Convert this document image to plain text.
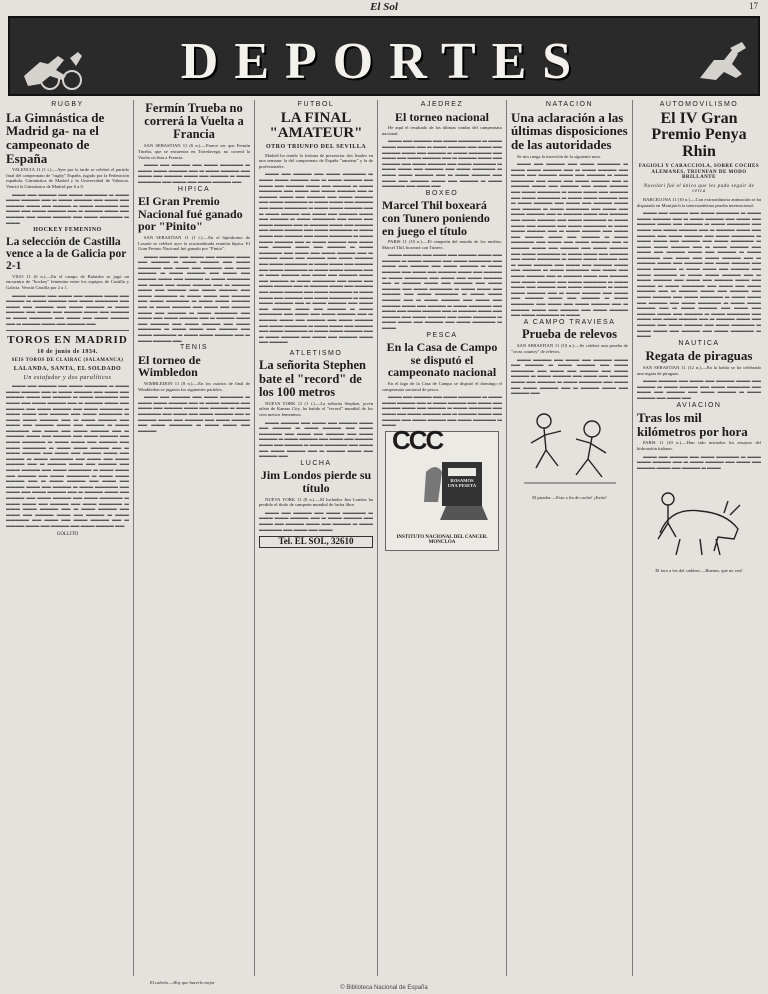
El Sol	17
DEPORTES
RUGBY
La Gimnástica de Madrid ga- na el campeonato de España

VALENCIA 11 (1 t.).—Ayer por la tarde se celebró el partido final del campeonato de "rugby" España, jugado por la Federación española, Gimnástica de Madrid y la Universidad de Valencia. Venció la Gimnástica de Madrid por 6 a 0.

▬▬▬ ▬▬ ▬▬▬▬ ▬▬ ▬▬▬ ▬▬▬▬▬ ▬ ▬▬▬ ▬▬▬ ▬▬▬▬ ▬▬ ▬ ▬▬▬ ▬▬▬▬ ▬▬ ▬▬▬ ▬▬ ▬▬▬▬ ▬▬▬ ▬▬ ▬▬▬▬ ▬ ▬▬▬ ▬▬▬▬▬ ▬▬ ▬▬▬ ▬▬ ▬▬▬ ▬▬▬▬ ▬▬ ▬ ▬▬▬▬ ▬▬▬ ▬▬ ▬▬▬▬ ▬▬ ▬▬▬ ▬▬▬▬ ▬▬ ▬▬▬ ▬▬▬▬▬ ▬ ▬▬▬

HOCKEY FEMENINO
La selección de Castilla vence a la de Galicia por 2-1

VIGO 11 (6 n.).—En el campo de Balaidos se jugó un encuentro de "hockey" femenino entre los equipos de Castilla y Galicia. Venció Castilla por 2 a 1.

▬▬▬ ▬▬▬▬ ▬▬ ▬▬▬ ▬▬ ▬▬▬▬ ▬▬▬ ▬▬ ▬▬▬▬ ▬ ▬▬▬ ▬▬▬▬ ▬▬ ▬▬▬ ▬▬▬▬▬ ▬▬ ▬▬▬ ▬▬ ▬▬▬▬ ▬▬ ▬▬▬ ▬▬▬▬ ▬ ▬▬▬ ▬▬▬▬ ▬▬ ▬▬▬ ▬▬ ▬▬▬▬ ▬▬▬ ▬▬ ▬▬▬▬ ▬ ▬▬▬ ▬▬▬▬▬ ▬▬ ▬▬▬ ▬▬ ▬▬▬ ▬▬▬▬ ▬▬ ▬ ▬▬▬▬ ▬▬▬ ▬▬ ▬▬▬▬ ▬▬

TOROS EN MADRID
10 de junio de 1934.
SEIS TOROS DE CLAIRAC (SALAMANCA)
LALANDA, SANTA, EL SOLDADO
Un estafador y dos paralíticos

▬▬▬ ▬▬ ▬▬▬▬ ▬▬ ▬▬▬ ▬▬▬▬▬ ▬ ▬▬▬ ▬▬▬ ▬▬▬▬ ▬▬ ▬ ▬▬▬ ▬▬▬▬ ▬▬ ▬▬▬ ▬▬ ▬▬▬▬ ▬▬▬ ▬▬ ▬▬▬▬ ▬ ▬▬▬ ▬▬▬▬▬ ▬▬ ▬▬▬ ▬▬ ▬▬▬ ▬▬▬▬ ▬▬ ▬ ▬▬▬▬ ▬▬▬ ▬▬ ▬▬▬▬ ▬▬ ▬▬▬ ▬▬▬▬ ▬▬ ▬▬▬ ▬▬▬▬▬ ▬ ▬▬▬ ▬▬▬ ▬▬ ▬▬▬▬ ▬▬ ▬▬▬ ▬▬▬▬▬ ▬ ▬▬▬ ▬▬▬ ▬▬▬▬ ▬▬ ▬ ▬▬▬ ▬▬▬▬ ▬▬ ▬▬▬ ▬▬ ▬▬▬▬ ▬▬▬ ▬▬ ▬▬▬▬ ▬ ▬▬▬ ▬▬▬▬▬ ▬▬ ▬▬▬ ▬▬ ▬▬▬ ▬▬▬▬ ▬▬ ▬ ▬▬▬▬ ▬▬▬ ▬▬ ▬▬▬▬ ▬▬ ▬▬▬ ▬▬▬▬ ▬▬ ▬▬▬ ▬▬▬▬▬ ▬ ▬▬▬ ▬▬▬ ▬▬ ▬▬▬▬ ▬▬ ▬▬▬ ▬▬▬▬▬ ▬ ▬▬▬ ▬▬▬ ▬▬▬▬ ▬▬ ▬ ▬▬▬ ▬▬▬▬ ▬▬ ▬▬▬ ▬▬ ▬▬▬▬ ▬▬▬ ▬▬ ▬▬▬▬ ▬ ▬▬▬ ▬▬▬▬▬ ▬▬ ▬▬▬ ▬▬ ▬▬▬ ▬▬▬▬ ▬▬ ▬ ▬▬▬▬ ▬▬▬ ▬▬ ▬▬▬▬ ▬▬ ▬▬▬ ▬▬▬▬ ▬▬ ▬▬▬ ▬▬▬▬▬ ▬ ▬▬▬ ▬▬▬ ▬▬ ▬▬▬▬ ▬▬ ▬▬▬ ▬▬▬▬▬ ▬ ▬▬▬ ▬▬▬ ▬▬▬▬ ▬▬ ▬ ▬▬▬ ▬▬▬▬ ▬▬ ▬▬▬ ▬▬ ▬▬▬▬ ▬▬▬ ▬▬ ▬▬▬▬ ▬ ▬▬▬ ▬▬▬▬▬ ▬▬ ▬▬▬ ▬▬ ▬▬▬ ▬▬▬▬ ▬▬ ▬ ▬▬▬▬ ▬▬▬ ▬▬ ▬▬▬▬ ▬▬ ▬▬▬ ▬▬▬▬ ▬▬ ▬▬▬ ▬▬▬▬▬ ▬ ▬▬▬ ▬▬▬ ▬▬ ▬▬▬▬ ▬▬ ▬▬▬ ▬▬▬▬▬ ▬ ▬▬▬ ▬▬▬ ▬▬▬▬ ▬▬ ▬ ▬▬▬ ▬▬▬▬ ▬▬ ▬▬▬ ▬▬ ▬▬▬▬ ▬▬▬ ▬▬ ▬▬▬▬ ▬ ▬▬▬ ▬▬▬▬▬ ▬▬ ▬▬▬ ▬▬ ▬▬▬ ▬▬▬▬ ▬▬ ▬ ▬▬▬▬ ▬▬▬ ▬▬ ▬▬▬▬ ▬▬ ▬▬▬ ▬▬▬▬ ▬▬

GOLLITO
Fermín Trueba no correrá la Vuelta a Francia

SAN SEBASTIAN 11 (6 n.).—Parece ser que Fermín Trueba, que se encuentra en Torrelavega, no correrá la Vuelta ciclista a Francia.

▬▬▬ ▬▬ ▬▬▬▬ ▬▬ ▬▬▬ ▬▬▬▬▬ ▬ ▬▬▬ ▬▬▬ ▬▬▬▬ ▬▬ ▬ ▬▬▬ ▬▬▬▬ ▬▬ ▬▬▬ ▬▬ ▬▬▬▬ ▬▬▬ ▬▬ ▬▬▬▬ ▬ ▬▬▬ ▬▬▬▬▬ ▬▬ ▬▬▬ ▬▬ ▬▬▬ ▬▬▬▬ ▬▬

HIPICA
El Gran Premio Nacional fué ganado por "Pinito"

SAN SEBASTIAN 11 (1 t.).—En el hipódromo de Lasarte se celebró ayer la acostumbrada reunión hípica. El Gran Premio Nacional fué ganado por "Pinito".

▬▬▬ ▬▬▬▬ ▬▬ ▬▬▬ ▬▬ ▬▬▬▬ ▬▬▬ ▬▬ ▬▬▬▬ ▬ ▬▬▬ ▬▬▬▬ ▬▬ ▬▬▬ ▬▬▬▬▬ ▬▬ ▬▬▬ ▬▬ ▬▬▬▬ ▬▬ ▬▬▬ ▬▬▬▬ ▬ ▬▬▬ ▬▬▬▬ ▬▬ ▬▬▬ ▬▬ ▬▬▬▬ ▬▬▬ ▬▬ ▬▬▬▬ ▬ ▬▬▬ ▬▬▬▬▬ ▬▬ ▬▬▬ ▬▬ ▬▬▬ ▬▬▬▬ ▬▬ ▬ ▬▬▬▬ ▬▬▬ ▬▬ ▬▬▬▬ ▬▬ ▬▬▬ ▬▬▬▬ ▬▬ ▬▬▬ ▬▬▬▬▬ ▬ ▬▬▬ ▬▬▬ ▬▬ ▬▬▬▬ ▬▬ ▬▬▬ ▬▬▬▬▬ ▬ ▬▬▬ ▬▬▬ ▬▬▬▬ ▬▬ ▬ ▬▬▬ ▬▬▬▬ ▬▬ ▬▬▬ ▬▬ ▬▬▬▬ ▬▬▬ ▬▬ ▬▬▬▬ ▬ ▬▬▬ ▬▬▬▬▬ ▬▬ ▬▬▬ ▬▬ ▬▬▬ ▬▬▬▬ ▬▬ ▬ ▬▬▬▬ ▬▬▬ ▬▬ ▬▬▬▬ ▬▬ ▬▬▬ ▬▬▬▬ ▬▬ ▬▬▬ ▬▬▬▬▬ ▬ ▬▬▬ ▬▬▬ ▬▬ ▬▬▬▬ ▬▬ ▬▬▬ ▬▬▬▬▬ ▬ ▬▬▬ ▬▬▬ ▬▬▬▬ ▬▬ ▬ ▬▬▬ ▬▬▬▬ ▬▬

TENIS
El torneo de Wimbledon

WIMBLEDON 11 (8 n.).—En los cuartos de final de Wimbledon se jugaron los siguientes partidos.

▬▬▬ ▬▬ ▬▬▬▬ ▬▬ ▬▬▬ ▬▬▬▬▬ ▬ ▬▬▬ ▬▬▬ ▬▬▬▬ ▬▬ ▬ ▬▬▬ ▬▬▬▬ ▬▬ ▬▬▬ ▬▬ ▬▬▬▬ ▬▬▬ ▬▬ ▬▬▬▬ ▬ ▬▬▬ ▬▬▬▬▬ ▬▬ ▬▬▬ ▬▬ ▬▬▬ ▬▬▬▬ ▬▬ ▬ ▬▬▬▬ ▬▬▬ ▬▬ ▬▬▬▬ ▬▬ ▬▬▬ ▬▬▬▬ ▬▬ ▬▬▬ ▬▬▬▬▬ ▬ ▬▬▬ ▬▬▬ ▬▬ ▬▬▬▬

FUTBOL
LA FINAL "AMATEUR"
OTRO TRIUNFO DEL SEVILLA

Madrid ha tenido la fortuna de presenciar dos finales en una semana: la del campeonato de España "amateur" y la de profesionales.

▬▬▬ ▬▬ ▬▬▬▬ ▬▬ ▬▬▬ ▬▬▬▬▬ ▬ ▬▬▬ ▬▬▬ ▬▬▬▬ ▬▬ ▬ ▬▬▬ ▬▬▬▬ ▬▬ ▬▬▬ ▬▬ ▬▬▬▬ ▬▬▬ ▬▬ ▬▬▬▬ ▬ ▬▬▬ ▬▬▬▬▬ ▬▬ ▬▬▬ ▬▬ ▬▬▬ ▬▬▬▬ ▬▬ ▬ ▬▬▬▬ ▬▬▬ ▬▬ ▬▬▬▬ ▬▬ ▬▬▬ ▬▬▬▬ ▬▬ ▬▬▬ ▬▬▬▬▬ ▬ ▬▬▬ ▬▬▬ ▬▬ ▬▬▬▬ ▬▬ ▬▬▬ ▬▬▬▬▬ ▬ ▬▬▬ ▬▬▬ ▬▬▬▬ ▬▬ ▬ ▬▬▬ ▬▬▬▬ ▬▬ ▬▬▬ ▬▬ ▬▬▬▬ ▬▬▬ ▬▬ ▬▬▬▬ ▬ ▬▬▬ ▬▬▬▬▬ ▬▬ ▬▬▬ ▬▬ ▬▬▬ ▬▬▬▬ ▬▬ ▬ ▬▬▬▬ ▬▬▬ ▬▬ ▬▬▬▬ ▬▬ ▬▬▬ ▬▬▬▬ ▬▬ ▬▬▬ ▬▬▬▬▬ ▬ ▬▬▬ ▬▬▬ ▬▬ ▬▬▬▬ ▬▬ ▬▬▬ ▬▬▬▬▬ ▬ ▬▬▬ ▬▬▬ ▬▬▬▬ ▬▬ ▬ ▬▬▬ ▬▬▬▬ ▬▬ ▬▬▬ ▬▬ ▬▬▬▬ ▬▬▬ ▬▬ ▬▬▬▬ ▬ ▬▬▬ ▬▬▬▬▬ ▬▬ ▬▬▬ ▬▬ ▬▬▬ ▬▬▬▬ ▬▬ ▬ ▬▬▬▬ ▬▬▬ ▬▬ ▬▬▬▬ ▬▬ ▬▬▬ ▬▬▬▬ ▬▬ ▬▬▬ ▬▬▬▬▬ ▬ ▬▬▬ ▬▬▬ ▬▬ ▬▬▬▬ ▬▬ ▬▬▬ ▬▬▬▬▬ ▬ ▬▬▬ ▬▬▬ ▬▬▬▬ ▬▬ ▬ ▬▬▬ ▬▬▬▬ ▬▬ ▬▬▬ ▬▬ ▬▬▬▬ ▬▬▬ ▬▬ ▬▬▬▬ ▬ ▬▬▬ ▬▬▬▬▬ ▬▬ ▬▬▬ ▬▬ ▬▬▬ ▬▬▬▬ ▬▬ ▬ ▬▬▬▬ ▬▬▬ ▬▬ ▬▬▬▬ ▬▬ ▬▬▬ ▬▬▬▬ ▬▬ ▬▬▬ ▬▬▬▬▬ ▬ ▬▬▬ ▬▬▬ ▬▬ ▬▬▬▬ ▬▬ ▬▬▬ ▬▬▬▬▬ ▬ ▬▬▬ ▬▬▬ ▬▬▬▬ ▬▬ ▬ ▬▬▬ ▬▬▬▬ ▬▬ ▬▬▬ ▬▬ ▬▬▬▬ ▬▬▬ ▬▬ ▬▬▬▬ ▬ ▬▬▬ ▬▬▬▬▬ ▬▬ ▬▬▬ ▬▬ ▬▬▬ ▬▬▬▬ ▬▬ ▬ ▬▬▬▬ ▬▬▬ ▬▬ ▬▬▬▬ ▬▬ ▬▬▬ ▬▬▬▬ ▬▬ ▬▬▬ ▬▬▬▬▬ ▬ ▬▬▬ ▬▬▬ ▬▬ ▬▬▬▬ ▬▬ ▬▬▬ ▬▬▬▬▬ ▬ ▬▬▬ ▬▬▬ ▬▬▬▬ ▬▬ ▬ ▬▬▬ ▬▬▬▬ ▬▬ ▬▬▬ ▬▬ ▬▬▬▬ ▬▬▬ ▬▬ ▬▬▬▬

ATLETISMO
La señorita Stephen bate el "record" de los 100 metros

NUEVA YORK 11 (1 t.).—La señorita Stephen, joven atleta de Kansas City, ha batido el "record" mundial de los cien metros femeninos.

▬▬▬ ▬▬▬▬ ▬▬ ▬▬▬ ▬▬ ▬▬▬▬ ▬▬▬ ▬▬ ▬▬▬▬ ▬ ▬▬▬ ▬▬▬▬ ▬▬ ▬▬▬ ▬▬▬▬▬ ▬▬ ▬▬▬ ▬▬ ▬▬▬▬ ▬▬ ▬▬▬ ▬▬▬▬ ▬ ▬▬▬ ▬▬▬▬ ▬▬ ▬▬▬ ▬▬ ▬▬▬▬ ▬▬▬ ▬▬ ▬▬▬▬ ▬ ▬▬▬ ▬▬▬▬▬ ▬▬ ▬▬▬ ▬▬ ▬▬▬ ▬▬▬▬ ▬▬ ▬ ▬▬▬▬ ▬▬▬ ▬▬ ▬▬▬▬ ▬▬

LUCHA
Jim Londos pierde su título

NUEVA YORK 11 (8 n.).—El luchador Jim Londos ha perdido el título de campeón mundial de lucha libre.

▬▬▬ ▬▬ ▬▬▬▬ ▬▬ ▬▬▬ ▬▬▬▬▬ ▬ ▬▬▬ ▬▬▬ ▬▬▬▬ ▬▬ ▬ ▬▬▬ ▬▬▬▬ ▬▬ ▬▬▬ ▬▬ ▬▬▬▬ ▬▬▬ ▬▬ ▬▬▬▬ ▬ ▬▬▬ ▬▬▬▬▬ ▬▬ ▬▬▬ ▬▬ ▬▬▬

Tel. EL SOL, 32610
AJEDREZ
El torneo nacional

He aquí el resultado de las últimas rondas del campeonato nacional.

▬▬▬ ▬▬ ▬▬▬▬ ▬▬ ▬▬▬ ▬▬▬▬▬ ▬ ▬▬▬ ▬▬▬ ▬▬▬▬ ▬▬ ▬ ▬▬▬ ▬▬▬▬ ▬▬ ▬▬▬ ▬▬ ▬▬▬▬ ▬▬▬ ▬▬ ▬▬▬▬ ▬ ▬▬▬ ▬▬▬▬▬ ▬▬ ▬▬▬ ▬▬ ▬▬▬ ▬▬▬▬ ▬▬ ▬ ▬▬▬▬ ▬▬▬ ▬▬ ▬▬▬▬ ▬▬ ▬▬▬ ▬▬▬▬ ▬▬ ▬▬▬ ▬▬▬▬▬ ▬ ▬▬▬ ▬▬▬ ▬▬ ▬▬▬▬ ▬▬ ▬▬▬ ▬▬▬▬▬ ▬ ▬▬▬ ▬▬▬ ▬▬▬▬ ▬▬ ▬ ▬▬▬ ▬▬▬▬ ▬▬ ▬▬▬ ▬▬ ▬▬▬▬ ▬▬▬ ▬▬ ▬▬▬▬ ▬ ▬▬▬ ▬▬▬▬▬ ▬▬ ▬▬▬ ▬▬

BOXEO
Marcel Thil boxeará con Tunero poniendo en juego el título

PARIS 11 (10 n.).—El campeón del mundo de los medios, Marcel Thil, boxeará con Tunero.

▬▬▬ ▬▬▬▬ ▬▬ ▬▬▬ ▬▬ ▬▬▬▬ ▬▬▬ ▬▬ ▬▬▬▬ ▬ ▬▬▬ ▬▬▬▬ ▬▬ ▬▬▬ ▬▬▬▬▬ ▬▬ ▬▬▬ ▬▬ ▬▬▬▬ ▬▬ ▬▬▬ ▬▬▬▬ ▬ ▬▬▬ ▬▬▬▬ ▬▬ ▬▬▬ ▬▬ ▬▬▬▬ ▬▬▬ ▬▬ ▬▬▬▬ ▬ ▬▬▬ ▬▬▬▬▬ ▬▬ ▬▬▬ ▬▬ ▬▬▬ ▬▬▬▬ ▬▬ ▬ ▬▬▬▬ ▬▬▬ ▬▬ ▬▬▬▬ ▬▬ ▬▬▬ ▬▬▬▬ ▬▬ ▬▬▬ ▬▬▬▬▬ ▬ ▬▬▬ ▬▬▬ ▬▬ ▬▬▬▬ ▬▬ ▬▬▬ ▬▬▬▬▬ ▬ ▬▬▬ ▬▬▬ ▬▬▬▬ ▬▬ ▬ ▬▬▬ ▬▬▬▬ ▬▬ ▬▬▬ ▬▬ ▬▬▬▬ ▬▬▬ ▬▬ ▬▬▬▬ ▬ ▬▬▬ ▬▬▬▬▬ ▬▬ ▬▬▬ ▬▬ ▬▬▬ ▬▬▬▬ ▬▬ ▬ ▬▬▬▬ ▬▬▬ ▬▬ ▬▬▬▬ ▬▬ ▬▬▬ ▬▬▬▬ ▬▬ ▬▬▬ ▬▬▬▬▬ ▬ ▬▬▬ ▬▬▬ ▬▬ ▬▬▬▬ ▬▬ ▬▬▬ ▬▬▬▬▬ ▬ ▬▬▬

PESCA
En la Casa de Campo se disputó el campeonato nacional

En el lago de la Casa de Campo se disputó el domingo el campeonato nacional de pesca.

▬▬▬ ▬▬ ▬▬▬▬ ▬▬ ▬▬▬ ▬▬▬▬▬ ▬ ▬▬▬ ▬▬▬ ▬▬▬▬ ▬▬ ▬ ▬▬▬ ▬▬▬▬ ▬▬ ▬▬▬ ▬▬ ▬▬▬▬ ▬▬▬ ▬▬ ▬▬▬▬ ▬ ▬▬▬ ▬▬▬▬▬ ▬▬ ▬▬▬ ▬▬ ▬▬▬ ▬▬▬▬ ▬▬ ▬ ▬▬▬▬ ▬▬▬ ▬▬ ▬▬▬▬ ▬▬ ▬▬▬ ▬▬▬▬ ▬▬ ▬▬▬ ▬▬▬▬▬ ▬ ▬▬▬

CCC
ROSAMOS
UNA PESETA
INSTITUTO NACIONAL DEL CANCER. MONCLOA
NATACION
Una aclaración a las últimas disposiciones de las autoridades

Se nos ruega la inserción de la siguiente nota.

▬▬▬ ▬▬ ▬▬▬▬ ▬▬ ▬▬▬ ▬▬▬▬▬ ▬ ▬▬▬ ▬▬▬ ▬▬▬▬ ▬▬ ▬ ▬▬▬ ▬▬▬▬ ▬▬ ▬▬▬ ▬▬ ▬▬▬▬ ▬▬▬ ▬▬ ▬▬▬▬ ▬ ▬▬▬ ▬▬▬▬▬ ▬▬ ▬▬▬ ▬▬ ▬▬▬ ▬▬▬▬ ▬▬ ▬ ▬▬▬▬ ▬▬▬ ▬▬ ▬▬▬▬ ▬▬ ▬▬▬ ▬▬▬▬ ▬▬ ▬▬▬ ▬▬▬▬▬ ▬ ▬▬▬ ▬▬▬ ▬▬ ▬▬▬▬ ▬▬ ▬▬▬ ▬▬▬▬▬ ▬ ▬▬▬ ▬▬▬ ▬▬▬▬ ▬▬ ▬ ▬▬▬ ▬▬▬▬ ▬▬ ▬▬▬ ▬▬ ▬▬▬▬ ▬▬▬ ▬▬ ▬▬▬▬ ▬ ▬▬▬ ▬▬▬▬▬ ▬▬ ▬▬▬ ▬▬ ▬▬▬ ▬▬▬▬ ▬▬ ▬ ▬▬▬▬ ▬▬▬ ▬▬ ▬▬▬▬ ▬▬ ▬▬▬ ▬▬▬▬ ▬▬ ▬▬▬ ▬▬▬▬▬ ▬ ▬▬▬ ▬▬▬ ▬▬ ▬▬▬▬ ▬▬ ▬▬▬ ▬▬▬▬▬ ▬ ▬▬▬ ▬▬▬ ▬▬▬▬ ▬▬ ▬ ▬▬▬ ▬▬▬▬ ▬▬ ▬▬▬ ▬▬ ▬▬▬▬ ▬▬▬ ▬▬ ▬▬▬▬ ▬ ▬▬▬ ▬▬▬▬▬ ▬▬ ▬▬▬ ▬▬ ▬▬▬ ▬▬▬▬ ▬▬ ▬ ▬▬▬▬ ▬▬▬ ▬▬ ▬▬▬▬ ▬▬ ▬▬▬ ▬▬▬▬ ▬▬ ▬▬▬ ▬▬▬▬▬ ▬ ▬▬▬ ▬▬▬ ▬▬ ▬▬▬▬ ▬▬ ▬▬▬ ▬▬▬▬▬ ▬ ▬▬▬ ▬▬▬ ▬▬▬▬ ▬▬ ▬ ▬▬▬ ▬▬▬▬ ▬▬ ▬▬▬ ▬▬ ▬▬▬▬ ▬▬▬ ▬▬ ▬▬▬▬ ▬ ▬▬▬ ▬▬▬▬▬ ▬▬ ▬▬▬ ▬▬ ▬▬▬ ▬▬▬▬ ▬▬ ▬ ▬▬▬▬ ▬▬▬ ▬▬ ▬▬▬▬ ▬▬ ▬▬▬ ▬▬▬▬ ▬▬ ▬▬▬ ▬▬▬▬▬ ▬ ▬▬▬ ▬▬▬ ▬▬ ▬▬▬▬ ▬▬ ▬▬▬ ▬▬▬▬▬ ▬ ▬▬▬ ▬▬▬ ▬▬▬▬ ▬▬ ▬ ▬▬▬ ▬▬▬▬ ▬▬ ▬▬▬ ▬▬ ▬▬▬▬ ▬▬▬ ▬▬ ▬▬▬▬ ▬ ▬▬▬ ▬▬▬▬▬ ▬▬ ▬▬▬ ▬▬ ▬▬▬ ▬▬▬▬ ▬▬ ▬ ▬▬▬▬ ▬▬▬ ▬▬ ▬▬▬▬ ▬▬ ▬▬▬ ▬▬▬▬ ▬▬ ▬▬▬ ▬▬▬▬▬ ▬ ▬▬▬

A CAMPO TRAVIESA
Prueba de relevos

SAN SEBASTIAN 11 (10 n.).—Se celebró una prueba de "cross country" de relevos.

▬▬▬ ▬▬▬▬ ▬▬ ▬▬▬ ▬▬ ▬▬▬▬ ▬▬▬ ▬▬ ▬▬▬▬ ▬ ▬▬▬ ▬▬▬▬ ▬▬ ▬▬▬ ▬▬▬▬▬ ▬▬ ▬▬▬ ▬▬ ▬▬▬▬ ▬▬ ▬▬▬ ▬▬▬▬ ▬ ▬▬▬ ▬▬▬▬ ▬▬ ▬▬▬ ▬▬ ▬▬▬▬ ▬▬▬ ▬▬ ▬▬▬▬ ▬ ▬▬▬ ▬▬▬▬▬ ▬▬ ▬▬▬ ▬▬ ▬▬▬ ▬▬▬▬ ▬▬ ▬ ▬▬▬▬ ▬▬▬ ▬▬ ▬▬▬▬ ▬▬

El pirador.—Esto a fin de cacho! ¡Exito!
AUTOMOVILISMO
El IV Gran Premio Penya Rhin
FAGIOLI Y CARACCIOLA, SOBRE COCHES ALEMANES, TRIUNFAN DE MODO BRILLANTE
Nuvolari fué el único que les pudo seguir de cerca

BARCELONA 11 (10 n.).—Con extraordinaria animación se ha disputado en Montjuich la interesantísima prueba internacional.

▬▬▬ ▬▬ ▬▬▬▬ ▬▬ ▬▬▬ ▬▬▬▬▬ ▬ ▬▬▬ ▬▬▬ ▬▬▬▬ ▬▬ ▬ ▬▬▬ ▬▬▬▬ ▬▬ ▬▬▬ ▬▬ ▬▬▬▬ ▬▬▬ ▬▬ ▬▬▬▬ ▬ ▬▬▬ ▬▬▬▬▬ ▬▬ ▬▬▬ ▬▬ ▬▬▬ ▬▬▬▬ ▬▬ ▬ ▬▬▬▬ ▬▬▬ ▬▬ ▬▬▬▬ ▬▬ ▬▬▬ ▬▬▬▬ ▬▬ ▬▬▬ ▬▬▬▬▬ ▬ ▬▬▬ ▬▬▬ ▬▬ ▬▬▬▬ ▬▬ ▬▬▬ ▬▬▬▬▬ ▬ ▬▬▬ ▬▬▬ ▬▬▬▬ ▬▬ ▬ ▬▬▬ ▬▬▬▬ ▬▬ ▬▬▬ ▬▬ ▬▬▬▬ ▬▬▬ ▬▬ ▬▬▬▬ ▬ ▬▬▬ ▬▬▬▬▬ ▬▬ ▬▬▬ ▬▬ ▬▬▬ ▬▬▬▬ ▬▬ ▬ ▬▬▬▬ ▬▬▬ ▬▬ ▬▬▬▬ ▬▬ ▬▬▬ ▬▬▬▬ ▬▬ ▬▬▬ ▬▬▬▬▬ ▬ ▬▬▬ ▬▬▬ ▬▬ ▬▬▬▬ ▬▬ ▬▬▬ ▬▬▬▬▬ ▬ ▬▬▬ ▬▬▬ ▬▬▬▬ ▬▬ ▬ ▬▬▬ ▬▬▬▬ ▬▬ ▬▬▬ ▬▬ ▬▬▬▬ ▬▬▬ ▬▬ ▬▬▬▬ ▬ ▬▬▬ ▬▬▬▬▬ ▬▬ ▬▬▬ ▬▬ ▬▬▬ ▬▬▬▬ ▬▬ ▬ ▬▬▬▬ ▬▬▬ ▬▬ ▬▬▬▬ ▬▬ ▬▬▬ ▬▬▬▬ ▬▬ ▬▬▬ ▬▬▬▬▬ ▬ ▬▬▬ ▬▬▬ ▬▬ ▬▬▬▬ ▬▬ ▬▬▬ ▬▬▬▬▬ ▬ ▬▬▬ ▬▬▬ ▬▬▬▬ ▬▬ ▬ ▬▬▬ ▬▬▬▬ ▬▬ ▬▬▬ ▬▬ ▬▬▬▬ ▬▬▬ ▬▬ ▬▬▬▬ ▬ ▬▬▬ ▬▬▬▬▬ ▬▬ ▬▬▬ ▬▬ ▬▬▬ ▬▬▬▬ ▬▬ ▬ ▬▬▬▬ ▬▬▬ ▬▬ ▬▬▬▬ ▬▬ ▬▬▬ ▬▬▬▬ ▬▬ ▬▬▬ ▬▬▬▬▬ ▬ ▬▬▬ ▬▬▬ ▬▬ ▬▬▬▬ ▬▬ ▬▬▬ ▬▬▬▬▬ ▬ ▬▬▬

NAUTICA
Regata de piraguas

SAN SEBASTIAN 11 (12 n.).—En la bahía se ha celebrado una regata de piraguas.

▬▬▬ ▬▬▬▬ ▬▬ ▬▬▬ ▬▬ ▬▬▬▬ ▬▬▬ ▬▬ ▬▬▬▬ ▬ ▬▬▬ ▬▬▬▬ ▬▬ ▬▬▬ ▬▬▬▬▬ ▬▬ ▬▬▬ ▬▬ ▬▬▬▬ ▬▬ ▬▬▬ ▬▬▬▬ ▬ ▬▬▬ ▬▬▬▬ ▬▬ ▬▬▬ ▬▬

AVIACION
Tras los mil kilómetros por hora

PARIS 11 (10 n.).—Han sido iniciados los ensayos del hidroavión italiano.

▬▬▬ ▬▬ ▬▬▬▬ ▬▬ ▬▬▬ ▬▬▬▬▬ ▬ ▬▬▬ ▬▬▬ ▬▬▬▬ ▬▬ ▬ ▬▬▬ ▬▬▬▬ ▬▬ ▬▬▬ ▬▬ ▬▬▬▬ ▬▬▬ ▬▬ ▬▬▬▬ ▬ ▬▬▬

El toro a los del cadáver.—Buenas, que no vea!
El cabrito.—Hay que hacerlo mejor
© Biblioteca Nacional de España
